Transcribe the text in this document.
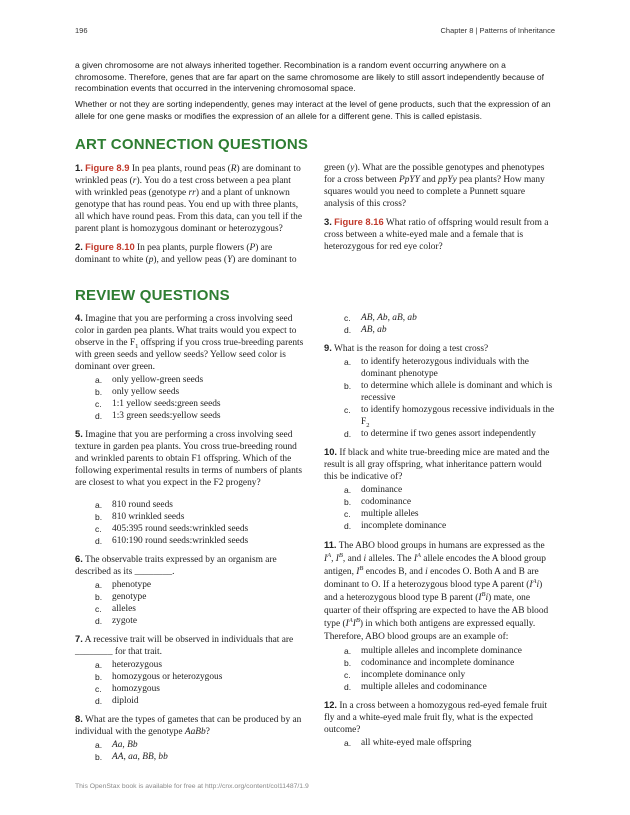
196	Chapter 8 | Patterns of Inheritance

a given chromosome are not always inherited together. Recombination is a random event occurring anywhere on a chromosome. Therefore, genes that are far apart on the same chromosome are likely to still assort independently because of recombination events that occurred in the intervening chromosomal space.

Whether or not they are sorting independently, genes may interact at the level of gene products, such that the expression of an allele for one gene masks or modifies the expression of an allele for a different gene. This is called epistasis.

ART CONNECTION QUESTIONS
1. Figure 8.9 In pea plants, round peas (R) are dominant to wrinkled peas (r). You do a test cross between a pea plant with wrinkled peas (genotype rr) and a plant of unknown genotype that has round peas. You end up with three plants, all which have round peas. From this data, can you tell if the parent plant is homozygous dominant or heterozygous?
2. Figure 8.10 In pea plants, purple flowers (P) are dominant to white (p), and yellow peas (Y) are dominant to
green (y). What are the possible genotypes and phenotypes for a cross between PpYY and ppYy pea plants? How many squares would you need to complete a Punnett square analysis of this cross?
3. Figure 8.16 What ratio of offspring would result from a cross between a white-eyed male and a female that is heterozygous for red eye color?
REVIEW QUESTIONS
4. Imagine that you are performing a cross involving seed color in garden pea plants. What traits would you expect to observe in the $F_1$ offspring if you cross true-breeding parents with green seeds and yellow seeds? Yellow seed color is dominant over green.
a. only yellow-green seeds
b. only yellow seeds
c. 1:1 yellow seeds:green seeds
d. 1:3 green seeds:yellow seeds
5. Imagine that you are performing a cross involving seed texture in garden pea plants. You cross true-breeding round and wrinkled parents to obtain F1 offspring. Which of the following experimental results in terms of numbers of plants are closest to what you expect in the F2 progeny?
a. 810 round seeds
b. 810 wrinkled seeds
c. 405:395 round seeds:wrinkled seeds
d. 610:190 round seeds:wrinkled seeds
6. The observable traits expressed by an organism are described as its ________.
a. phenotype
b. genotype
c. alleles
d. zygote
7. A recessive trait will be observed in individuals that are ________ for that trait.
a. heterozygous
b. homozygous or heterozygous
c. homozygous
d. diploid
8. What are the types of gametes that can be produced by an individual with the genotype AaBb?
a. Aa, Bb
b. AA, aa, BB, bb
c. AB, Ab, aB, ab
d. AB, ab
9. What is the reason for doing a test cross?
a. to identify heterozygous individuals with the dominant phenotype
b. to determine which allele is dominant and which is recessive
c. to identify homozygous recessive individuals in the $F_2$
d. to determine if two genes assort independently
10. If black and white true-breeding mice are mated and the result is all gray offspring, what inheritance pattern would this be indicative of?
a. dominance
b. codominance
c. multiple alleles
d. incomplete dominance
11. The ABO blood groups in humans are expressed as the $I^A$, $I^B$, and i alleles. The $I^A$ allele encodes the A blood group antigen, $I^B$ encodes B, and i encodes O. Both A and B are dominant to O. If a heterozygous blood type A parent $(I^Ai)$ and a heterozygous blood type B parent $(I^Bi)$ mate, one quarter of their offspring are expected to have the AB blood type $(I^AI^B)$ in which both antigens are expressed equally. Therefore, ABO blood groups are an example of:
a. multiple alleles and incomplete dominance
b. codominance and incomplete dominance
c. incomplete dominance only
d. multiple alleles and codominance
12. In a cross between a homozygous red-eyed female fruit fly and a white-eyed male fruit fly, what is the expected outcome?
a. all white-eyed male offspring
This OpenStax book is available for free at http://cnx.org/content/col11487/1.9
